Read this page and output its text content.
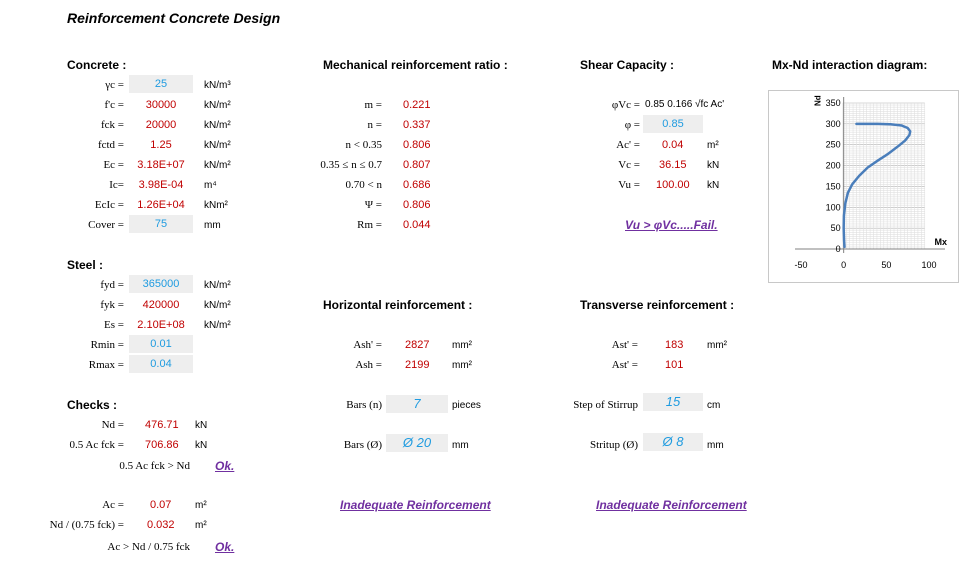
Reinforcement Concrete Design
Concrete :
γc =	25	kN/m³
f'c =	30000	kN/m²
fck =	20000	kN/m²
fctd =	1.25	kN/m²
Ec =	3.18E+07	kN/m²
Ic=	3.98E-04	m⁴
EcIc =	1.26E+04	kNm²
Cover =	75	mm
Steel :
fyd =	365000	kN/m²
fyk =	420000	kN/m²
Es =	2.10E+08	kN/m²
Rmin =	0.01
Rmax =	0.04
Checks :
Nd = 476.71 kN
0.5 Ac fck = 706.86 kN
0.5 Ac fck > Nd Ok.
Ac = 0.07 m²
Nd / (0.75 fck) = 0.032 m²
Ac > Nd / 0.75 fck Ok.
Mechanical reinforcement ratio :
m = 0.221
n = 0.337
n < 0.35 0.806
0.35 ≤ n ≤ 0.7 0.807
0.70 < n 0.686
Ψ = 0.806
Rm = 0.044
Horizontal reinforcement :
Ash' = 2827 mm²
Ash = 2199 mm²
Bars (n)	7	pieces
Bars (Ø)	Ø 20	mm
Inadequate Reinforcement
Shear Capacity :
φVc = 0.85 0.166 √fc Ac'
φ =	0.85
Ac' = 0.04 m²
Vc = 36.15 kN
Vu = 100.00 kN
Vu > φVc.....Fail.
Transverse reinforcement :
Ast' = 183 mm²
Ast' = 101
Step of Stirrup	15	cm
Stritup (Ø)	Ø 8	mm
Inadequate Reinforcement
Mx-Nd interaction diagram:
0
50
100
150
200
250
300
350
-50	0	50	100
Mx
Nd
